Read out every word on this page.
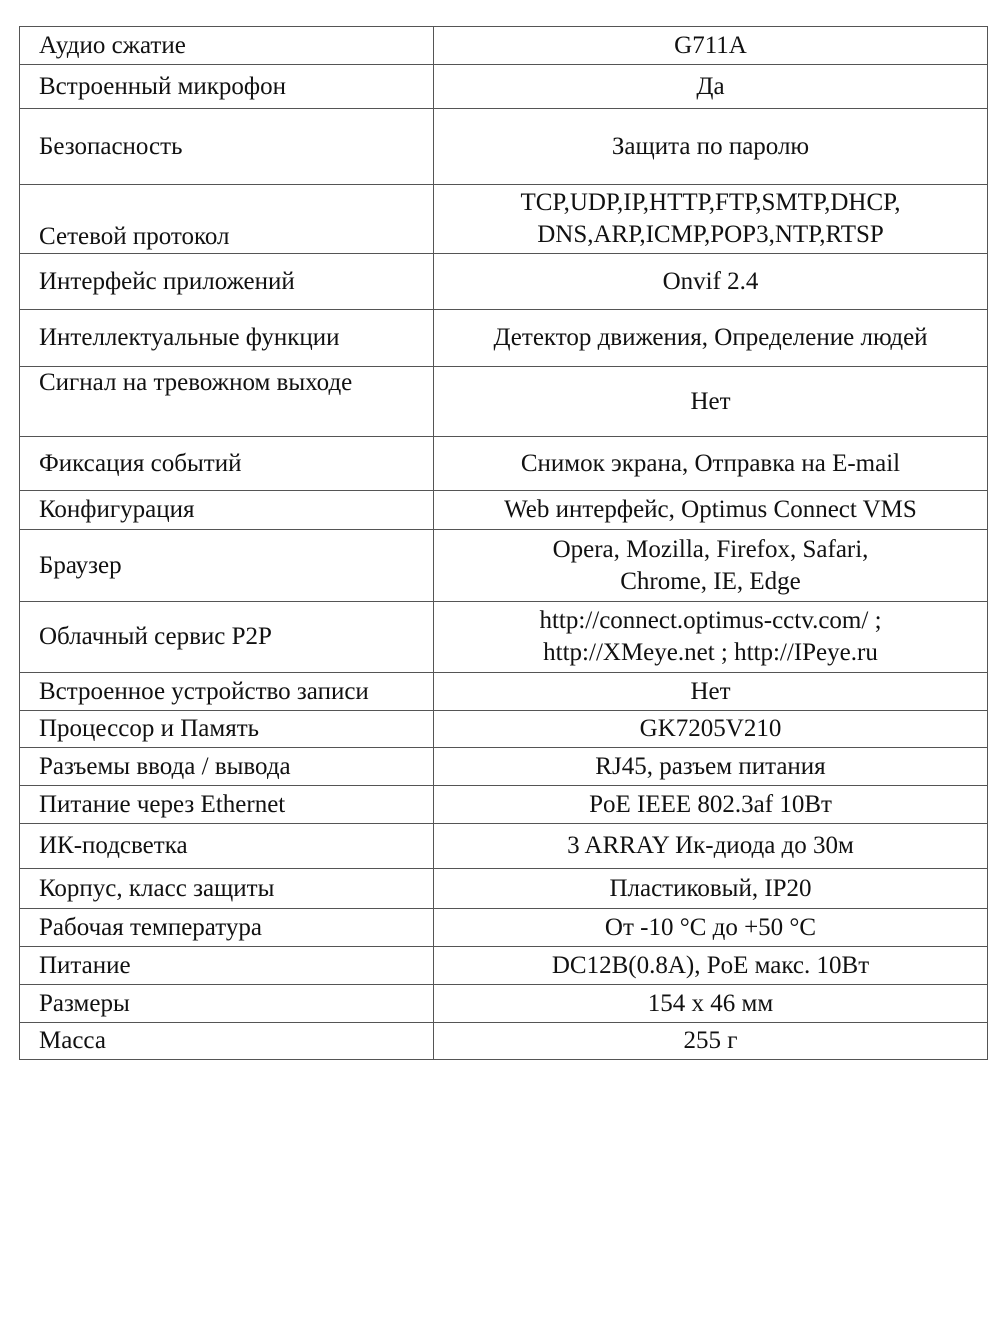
Аудио сжатие	G711A

Встроенный микрофон	Да

Безопасность	Защита по паролю

Сетевой протокол	TCP,UDP,IP,HTTP,FTP,SMTP,DHCP,
DNS,ARP,ICMP,POP3,NTP,RTSP

Интерфейс приложений	Onvif 2.4

Интеллектуальные функции	Детектор движения, Определение людей

Сигнал на тревожном выходе	Нет

Фиксация событий	Снимок экрана, Отправка на E-mail

Конфигурация	Web интерфейс, Optimus Connect VMS

Браузер	Opera, Mozilla, Firefox, Safari,
Chrome, IE, Edge

Облачный сервис P2P	http://connect.optimus-cctv.com/ ;
http://XMeye.net ; http://IPeye.ru

Встроенное устройство записи	Нет

Процессор и Память	GK7205V210

Разъемы ввода / вывода	RJ45, разъем питания

Питание через Ethernet	PoE IEEE 802.3af 10Вт

ИК-подсветка	3 ARRAY Ик-диода до 30м

Корпус, класс защиты	Пластиковый, IP20

Рабочая температура	От -10 °C до +50 °C

Питание	DC12В(0.8А), PoE макс. 10Вт

Размеры	154 x 46 мм

Масса	255 г
